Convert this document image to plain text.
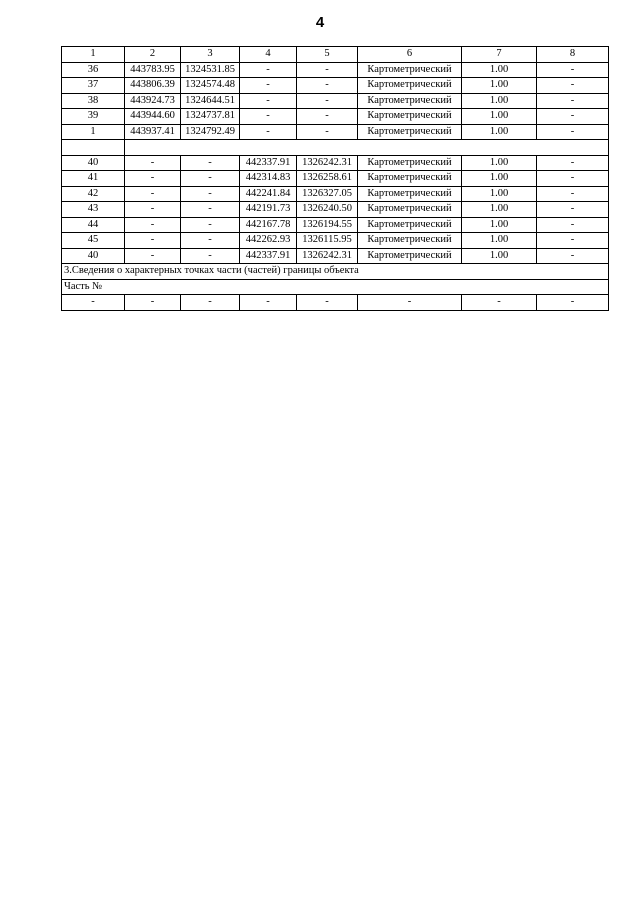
4
1	2	3	4	5	6	7	8
36	443783.95	1324531.85	-	-	Картометрический	1.00	-
37	443806.39	1324574.48	-	-	Картометрический	1.00	-
38	443924.73	1324644.51	-	-	Картометрический	1.00	-
39	443944.60	1324737.81	-	-	Картометрический	1.00	-
1	443937.41	1324792.49	-	-	Картометрический	1.00	-

40	-	-	442337.91	1326242.31	Картометрический	1.00	-
41	-	-	442314.83	1326258.61	Картометрический	1.00	-
42	-	-	442241.84	1326327.05	Картометрический	1.00	-
43	-	-	442191.73	1326240.50	Картометрический	1.00	-
44	-	-	442167.78	1326194.55	Картометрический	1.00	-
45	-	-	442262.93	1326115.95	Картометрический	1.00	-
40	-	-	442337.91	1326242.31	Картометрический	1.00	-
3.Сведения о характерных точках части (частей) границы объекта							
Часть №							
-	-	-	-	-	-	-	-
